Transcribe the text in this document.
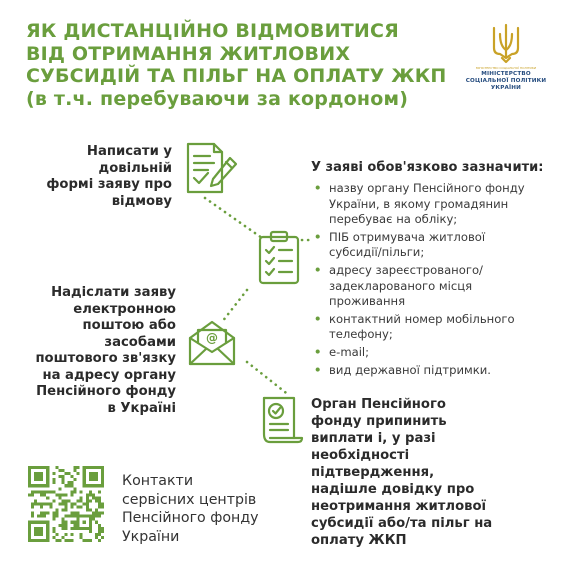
ЯК ДИСТАНЦІЙНО ВІДМОВИТИСЯ
ВІД ОТРИМАННЯ ЖИТЛОВИХ
СУБСИДІЙ ТА ПІЛЬГ НА ОПЛАТУ ЖКП
(в т.ч. перебуваючи за кордоном)
МІНІСТЕРСТВО СОЦІАЛЬНОЇ ПОЛІТИКИ
МІНІСТЕРСТВО
СОЦІАЛЬНОЇ ПОЛІТИКИ
УКРАЇНИ
Написати у
довільній
формі заяву про
відмову
У заяві обов'язково зазначити:
• назву органу Пенсійного фонду
України, в якому громадянин
перебуває на обліку;
• ПІБ отримувача житлової
субсидії/пільги;
• адресу зареєстрованого/
задекларованого місця
проживання
• контактний номер мобільного
телефону;
• e-mail;
• вид державної підтримки.
@
Надіслати заяву
електронною
поштою або
засобами
поштового зв'язку
на адресу органу
Пенсійного фонду
в Україні	Орган Пенсійного
фонду припинить
виплати і, у разі
необхідності
підтвердження,
надішле довідку про
неотримання житлової
субсидії або/та пільг на
оплату ЖКП
Контакти
сервісних центрів
Пенсійного фонду
України
